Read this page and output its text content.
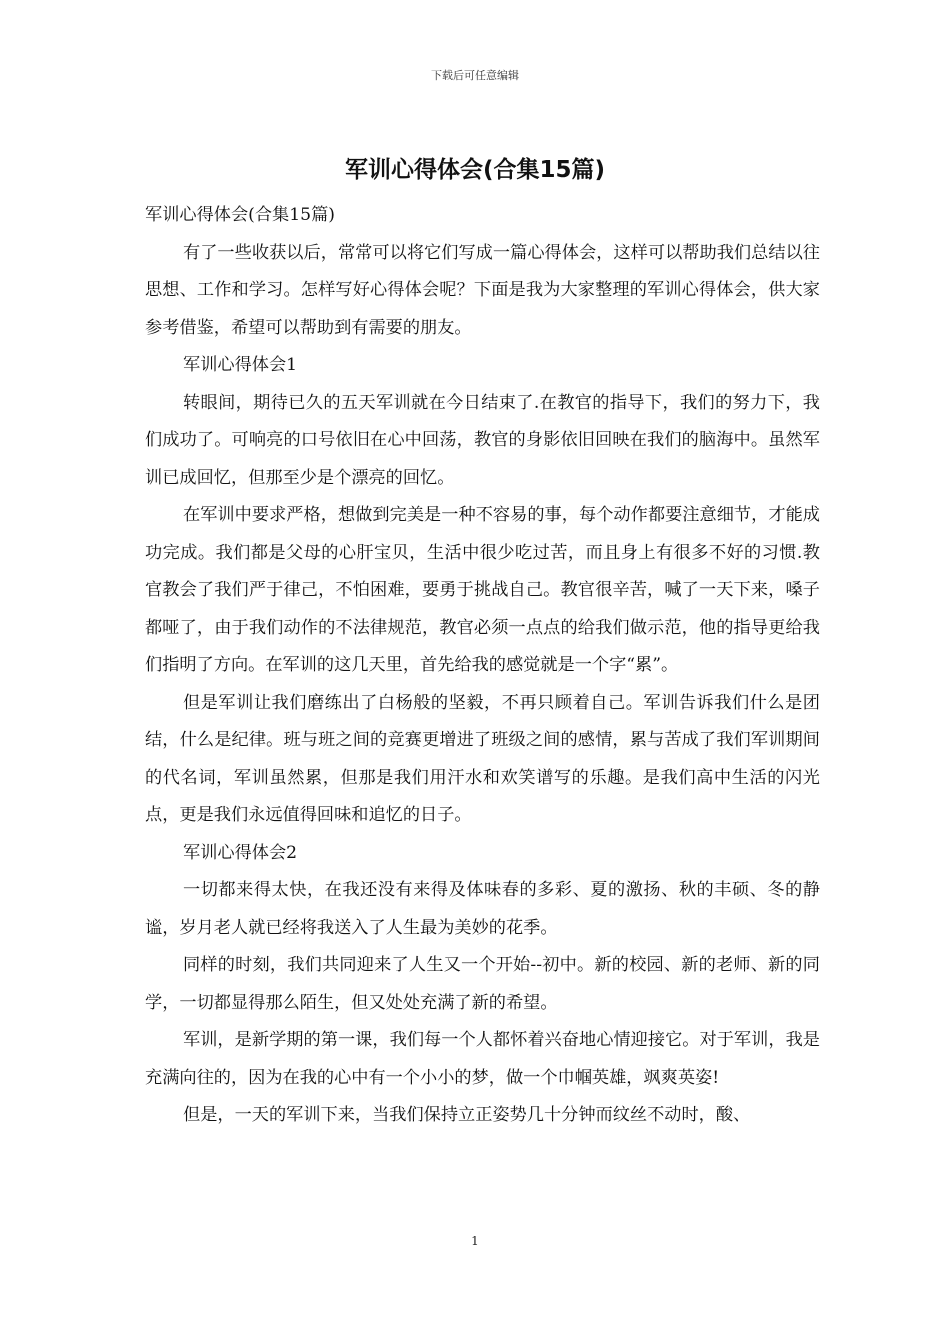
下载后可任意编辑
军训心得体会(合集15篇)

军训心得体会(合集15篇)

有了一些收获以后，常常可以将它们写成一篇心得体会，这样可以帮助我们总结以往思想、工作和学习。怎样写好心得体会呢？下面是我为大家整理的军训心得体会，供大家参考借鉴，希望可以帮助到有需要的朋友。

军训心得体会1

转眼间，期待已久的五天军训就在今日结束了.在教官的指导下，我们的努力下，我们成功了。可响亮的口号依旧在心中回荡，教官的身影依旧回映在我们的脑海中。虽然军训已成回忆，但那至少是个漂亮的回忆。

在军训中要求严格，想做到完美是一种不容易的事，每个动作都要注意细节，才能成功完成。我们都是父母的心肝宝贝，生活中很少吃过苦，而且身上有很多不好的习惯.教官教会了我们严于律己，不怕困难，要勇于挑战自己。教官很辛苦，喊了一天下来，嗓子都哑了，由于我们动作的不法律规范，教官必须一点点的给我们做示范，他的指导更给我们指明了方向。在军训的这几天里，首先给我的感觉就是一个字“累”。

但是军训让我们磨练出了白杨般的坚毅，不再只顾着自己。军训告诉我们什么是团结，什么是纪律。班与班之间的竞赛更增进了班级之间的感情，累与苦成了我们军训期间的代名词，军训虽然累，但那是我们用汗水和欢笑谱写的乐趣。是我们高中生活的闪光点，更是我们永远值得回味和追忆的日子。

军训心得体会2

一切都来得太快，在我还没有来得及体味春的多彩、夏的激扬、秋的丰硕、冬的静谧，岁月老人就已经将我送入了人生最为美妙的花季。

同样的时刻，我们共同迎来了人生又一个开始--初中。新的校园、新的老师、新的同学，一切都显得那么陌生，但又处处充满了新的希望。

军训，是新学期的第一课，我们每一个人都怀着兴奋地心情迎接它。对于军训，我是充满向往的，因为在我的心中有一个小小的梦，做一个巾帼英雄，飒爽英姿!

但是，一天的军训下来，当我们保持立正姿势几十分钟而纹丝不动时，酸、

1
